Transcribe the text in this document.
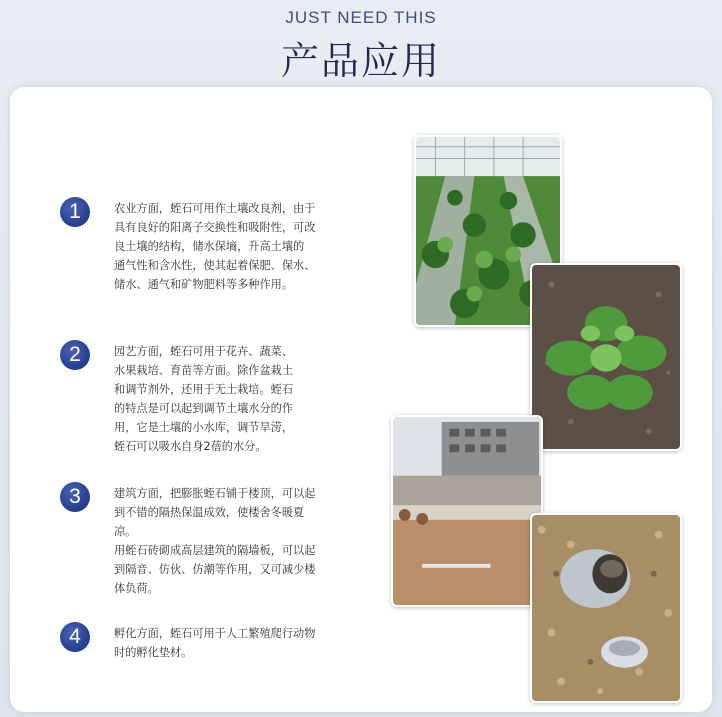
JUST NEED THIS
产品应用
1	农业方面，蛭石可用作土壤改良剂，由于
具有良好的阳离子交换性和吸附性，可改
良土壤的结构，储水保墒，升高土壤的
通气性和含水性，使其起着保肥、保水、
储水、通气和矿物肥料等多种作用。
2	园艺方面，蛭石可用于花卉、蔬菜、
水果栽培、育苗等方面。除作盆栽土
和调节剂外，还用于无土栽培。蛭石
的特点是可以起到调节土壤水分的作
用，它是土壤的小水库，调节旱涝，
蛭石可以吸水自身2蓓的水分。
3	建筑方面，把膨胀蛭石铺于楼顶，可以起
到不错的隔热保温成效，使楼舍冬暖夏
凉。
用蛭石砖砌成高层建筑的隔墙板，可以起
到隔音、仿伙、仿潮等作用，又可减少楼
体负荷。
4	孵化方面，蛭石可用于人工繁殖爬行动物
时的孵化垫材。
